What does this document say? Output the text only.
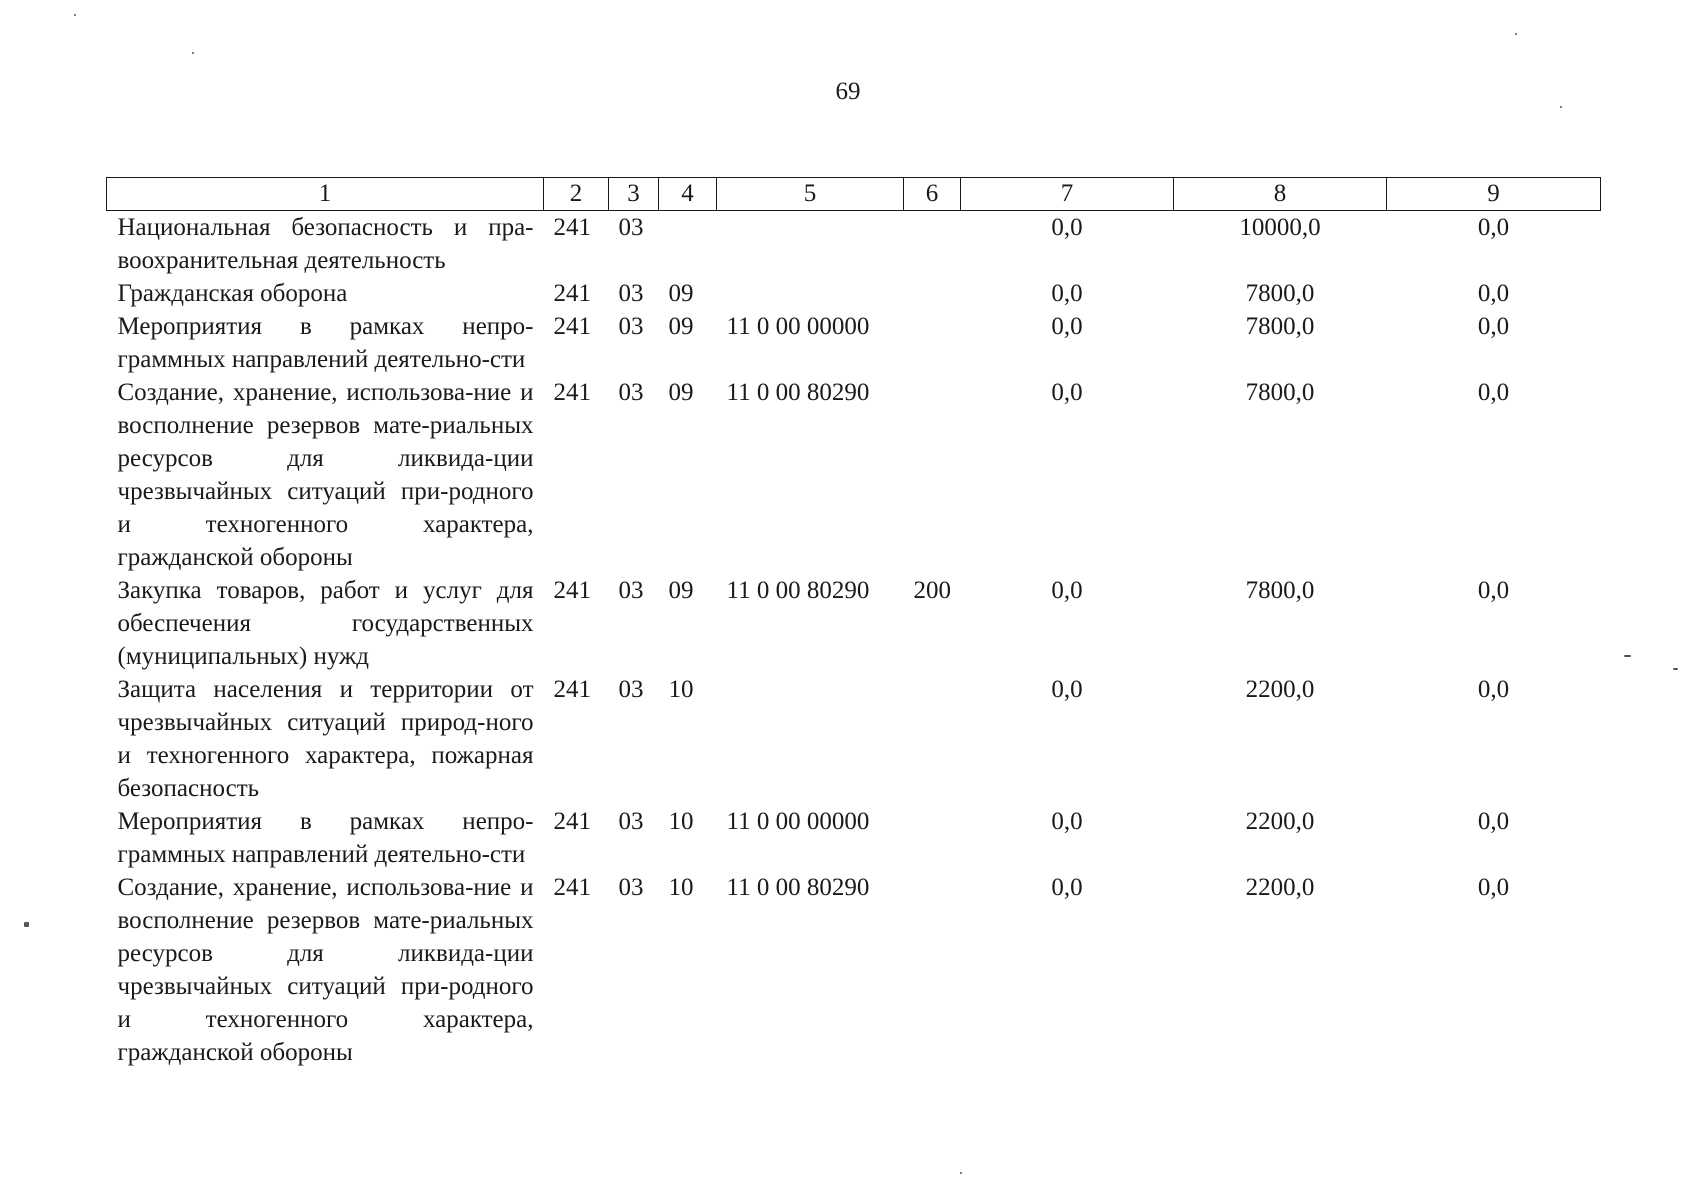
69
1	2	3	4	5	6	7	8	9
Национальная безопасность и пра-воохранительная деятельность	241	03				0,0	10000,0	0,0
Гражданская оборона	241	03	09			0,0	7800,0	0,0
Мероприятия в рамках непро-граммных направлений деятельно-сти	241	03	09	11 0 00 00000		0,0	7800,0	0,0
Создание, хранение, использова-ние и восполнение резервов мате-риальных ресурсов для ликвида-ции чрезвычайных ситуаций при-родного и техногенного характера, гражданской обороны	241	03	09	11 0 00 80290		0,0	7800,0	0,0
Закупка товаров, работ и услуг для обеспечения государственных (муниципальных) нужд	241	03	09	11 0 00 80290	200	0,0	7800,0	0,0
Защита населения и территории от чрезвычайных ситуаций природ-ного и техногенного характера, пожарная безопасность	241	03	10			0,0	2200,0	0,0
Мероприятия в рамках непро-граммных направлений деятельно-сти	241	03	10	11 0 00 00000		0,0	2200,0	0,0
Создание, хранение, использова-ние и восполнение резервов мате-риальных ресурсов для ликвида-ции чрезвычайных ситуаций при-родного и техногенного характера, гражданской обороны	241	03	10	11 0 00 80290		0,0	2200,0	0,0
